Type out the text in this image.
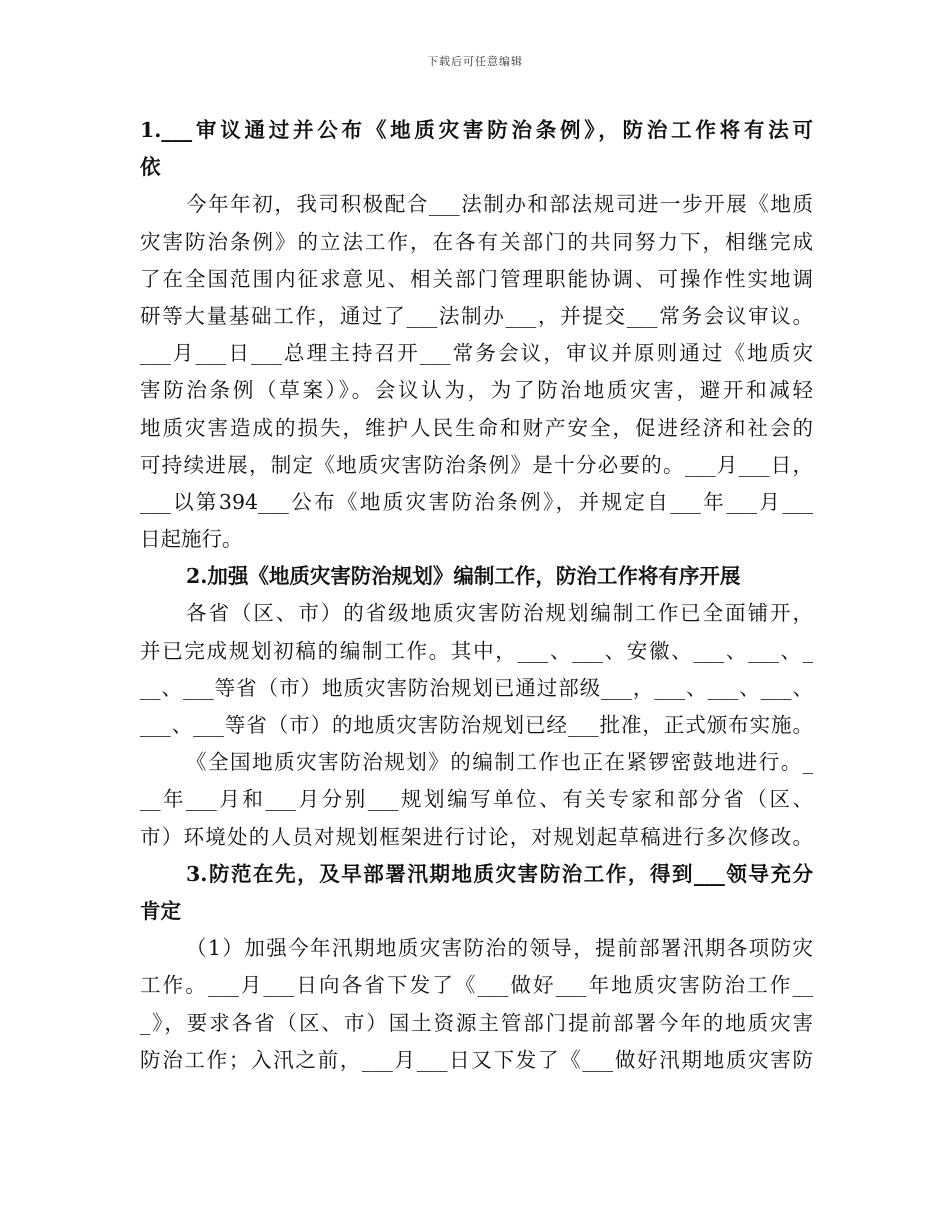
下载后可任意编辑
1.___审议通过并公布《地质灾害防治条例》，防治工作将有法可
依
今年年初，我司积极配合___法制办和部法规司进一步开展《地质
灾害防治条例》的立法工作，在各有关部门的共同努力下，相继完成
了在全国范围内征求意见、相关部门管理职能协调、可操作性实地调
研等大量基础工作，通过了___法制办___，并提交___常务会议审议。
___月___日___总理主持召开___常务会议，审议并原则通过《地质灾
害防治条例（草案）》。会议认为，为了防治地质灾害，避开和减轻
地质灾害造成的损失，维护人民生命和财产安全，促进经济和社会的
可持续进展，制定《地质灾害防治条例》是十分必要的。___月___日，
___以第394___公布《地质灾害防治条例》，并规定自___年___月___
日起施行。
2.加强《地质灾害防治规划》编制工作，防治工作将有序开展
各省（区、市）的省级地质灾害防治规划编制工作已全面铺开，
并已完成规划初稿的编制工作。其中，___、___、安徽、___、___、_
__、___等省（市）地质灾害防治规划已通过部级___，___、___、___、
___、___等省（市）的地质灾害防治规划已经___批准，正式颁布实施。
《全国地质灾害防治规划》的编制工作也正在紧锣密鼓地进行。_
__年___月和___月分别___规划编写单位、有关专家和部分省（区、
市）环境处的人员对规划框架进行讨论，对规划起草稿进行多次修改。
3.防范在先，及早部署汛期地质灾害防治工作，得到___领导充分
肯定
（1）加强今年汛期地质灾害防治的领导，提前部署汛期各项防灾
工作。___月___日向各省下发了《___做好___年地质灾害防治工作__
_》，要求各省（区、市）国土资源主管部门提前部署今年的地质灾害
防治工作；入汛之前，___月___日又下发了《___做好汛期地质灾害防
